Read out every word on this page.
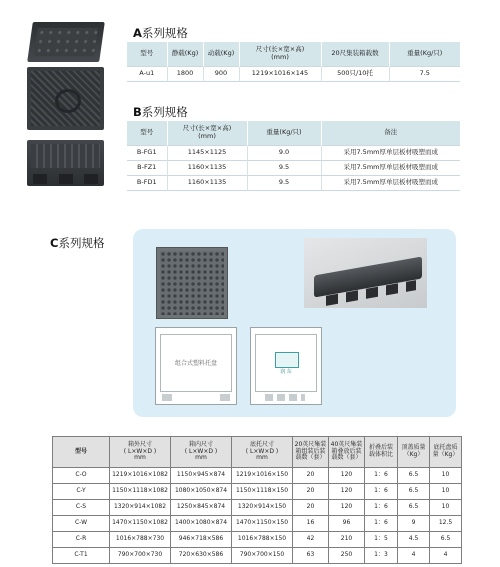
A系列规格
型号	静载(Kg)	动载(Kg)	尺寸(长×宽×高)
(mm)	20尺集装箱载数	重量(Kg/只)
A-u1	1800	900	1219×1016×145	500只/10托	7.5
B系列规格
型号	尺寸(长×宽×高)
(mm)	重量(Kg/只)	备注
B-FG1	1145×1125	9.0	采用7.5mm厚单层板材吸塑而成
B-FZ1	1160×1135	9.5	采用7.5mm厚单层板材吸塑而成
B-FD1	1160×1135	9.5	采用7.5mm厚单层板材吸塑而成
C系列规格
组合式塑料托盘
润 东
型号	箱外尺寸
( L×W×D )
mm	箱内尺寸
( L×W×D )
mm	底托尺寸
( L×W×D )
mm	20英尺集装
箱组装后装
载数（套）	40英尺集装
箱叠放后装
载数（套）	折叠后装
载体积比	顶盖质量
（Kg）	底托盘质
量（Kg）

C-O	1219×1016×1082	1150×945×874	1219×1016×150	20	120	1：6	6.5	10
C-Y	1150×1118×1082	1080×1050×874	1150×1118×150	20	120	1：6	6.5	10
C-S	1320×914×1082	1250×845×874	1320×914×150	20	120	1：6	6.5	10
C-W	1470×1150×1082	1400×1080×874	1470×1150×150	16	96	1：6	9	12.5
C-R	1016×788×730	946×718×586	1016×788×150	42	210	1：5	4.5	6.5
C-T1	790×700×730	720×630×586	790×700×150	63	250	1：3	4	4
